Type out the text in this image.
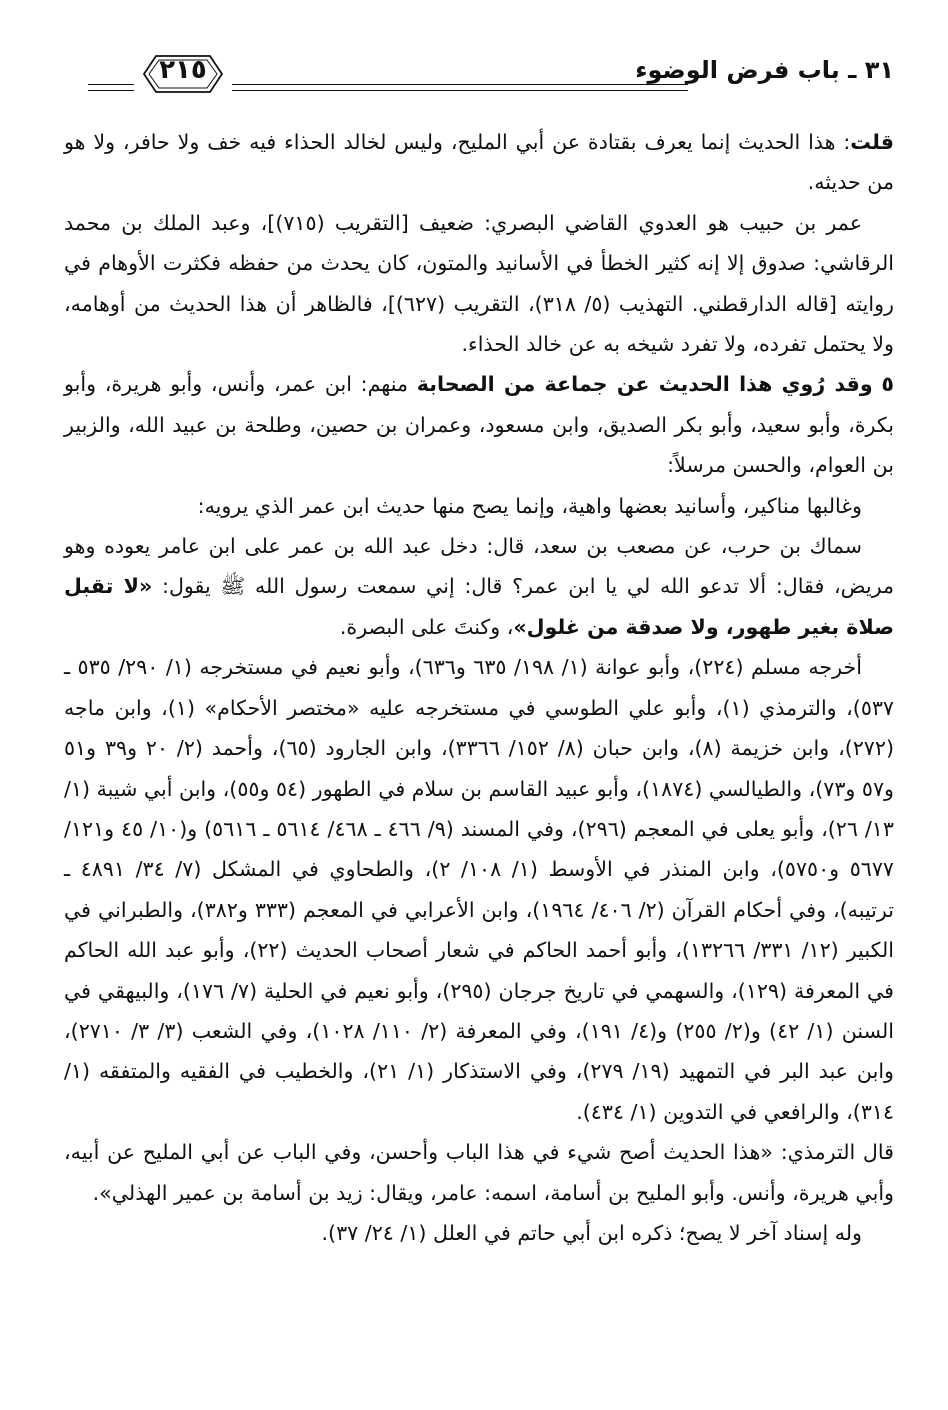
٣١ ـ باب فرض الوضوء
٢١٥

قلت: هذا الحديث إنما يعرف بقتادة عن أبي المليح، وليس لخالد الحذاء فيه خف ولا حافر، ولا هو من حديثه.

عمر بن حبيب هو العدوي القاضي البصري: ضعيف [التقريب (٧١٥)]، وعبد الملك بن محمد الرقاشي: صدوق إلا إنه كثير الخطأ في الأسانيد والمتون، كان يحدث من حفظه فكثرت الأوهام في روايته [قاله الدارقطني. التهذيب (٥/ ٣١٨)، التقريب (٦٢٧)]، فالظاهر أن هذا الحديث من أوهامه، ولا يحتمل تفرده، ولا تفرد شيخه به عن خالد الحذاء.

٥ وقد رُوي هذا الحديث عن جماعة من الصحابة منهم: ابن عمر، وأنس، وأبو هريرة، وأبو بكرة، وأبو سعيد، وأبو بكر الصديق، وابن مسعود، وعمران بن حصين، وطلحة بن عبيد الله، والزبير بن العوام، والحسن مرسلاً:

وغالبها مناكير، وأسانيد بعضها واهية، وإنما يصح منها حديث ابن عمر الذي يرويه:

سماك بن حرب، عن مصعب بن سعد، قال: دخل عبد الله بن عمر على ابن عامر يعوده وهو مريض، فقال: ألا تدعو الله لي يا ابن عمر؟ قال: إني سمعت رسول الله ﷺ يقول: «لا تقبل صلاة بغير طهور، ولا صدقة من غلول»، وكنتَ على البصرة.

أخرجه مسلم (٢٢٤)، وأبو عوانة (١/ ١٩٨/ ٦٣٥ و٦٣٦)، وأبو نعيم في مستخرجه (١/ ٢٩٠/ ٥٣٥ ـ ٥٣٧)، والترمذي (١)، وأبو علي الطوسي في مستخرجه عليه «مختصر الأحكام» (١)، وابن ماجه (٢٧٢)، وابن خزيمة (٨)، وابن حبان (٨/ ١٥٢/ ٣٣٦٦)، وابن الجارود (٦٥)، وأحمد (٢/ ٢٠ و٣٩ و٥١ و٥٧ و٧٣)، والطيالسي (١٨٧٤)، وأبو عبيد القاسم بن سلام في الطهور (٥٤ و٥٥)، وابن أبي شيبة (١/ ١٣/ ٢٦)، وأبو يعلى في المعجم (٢٩٦)، وفي المسند (٩/ ٤٦٦ ـ ٤٦٨/ ٥٦١٤ ـ ٥٦١٦) و(١٠/ ٤٥ و١٢١/ ٥٦٧٧ و٥٧٥٠)، وابن المنذر في الأوسط (١/ ١٠٨/ ٢)، والطحاوي في المشكل (٧/ ٣٤/ ٤٨٩١ ـ ترتيبه)، وفي أحكام القرآن (٢/ ٤٠٦/ ١٩٦٤)، وابن الأعرابي في المعجم (٣٣٣ و٣٨٢)، والطبراني في الكبير (١٢/ ٣٣١/ ١٣٢٦٦)، وأبو أحمد الحاكم في شعار أصحاب الحديث (٢٢)، وأبو عبد الله الحاكم في المعرفة (١٢٩)، والسهمي في تاريخ جرجان (٢٩٥)، وأبو نعيم في الحلية (٧/ ١٧٦)، والبيهقي في السنن (١/ ٤٢) و(٢/ ٢٥٥) و(٤/ ١٩١)، وفي المعرفة (٢/ ١١٠/ ١٠٢٨)، وفي الشعب (٣/ ٣/ ٢٧١٠)، وابن عبد البر في التمهيد (١٩/ ٢٧٩)، وفي الاستذكار (١/ ٢١)، والخطيب في الفقيه والمتفقه (١/ ٣١٤)، والرافعي في التدوين (١/ ٤٣٤).

قال الترمذي: «هذا الحديث أصح شيء في هذا الباب وأحسن، وفي الباب عن أبي المليح عن أبيه، وأبي هريرة، وأنس. وأبو المليح بن أسامة، اسمه: عامر، ويقال: زيد بن أسامة بن عمير الهذلي».

وله إسناد آخر لا يصح؛ ذكره ابن أبي حاتم في العلل (١/ ٢٤/ ٣٧).
